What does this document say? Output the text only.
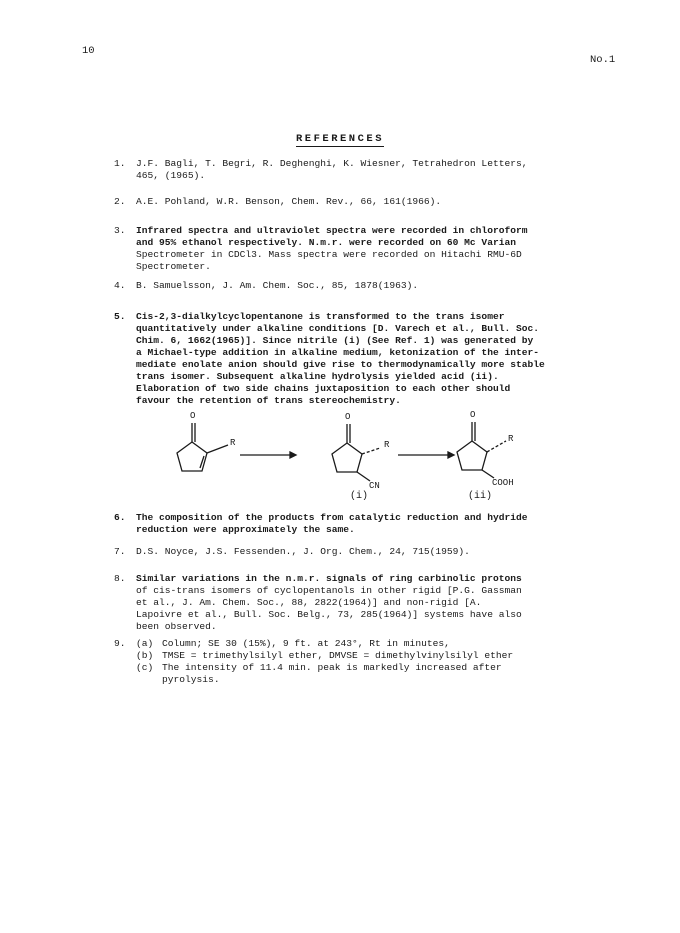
10
No.1
REFERENCES
1. J.F. Bagli, T. Begri, R. Deghenghi, K. Wiesner, Tetrahedron Letters,
465, (1965).
2. A.E. Pohland, W.R. Benson, Chem. Rev., 66, 161(1966).
3. Infrared spectra and ultraviolet spectra were recorded in chloroform
and 95% ethanol respectively. N.m.r. were recorded on 60 Mc Varian
Spectrometer in CDCl3. Mass spectra were recorded on Hitachi RMU-6D
Spectrometer.
4. B. Samuelsson, J. Am. Chem. Soc., 85, 1878(1963).
5. Cis-2,3-dialkylcyclopentanone is transformed to the trans isomer
quantitatively under alkaline conditions [D. Varech et al., Bull. Soc.
Chim. 6, 1662(1965)]. Since nitrile (i) (See Ref. 1) was generated by
a Michael-type addition in alkaline medium, ketonization of the inter-
mediate enolate anion should give rise to thermodynamically more stable
trans isomer. Subsequent alkaline hydrolysis yielded acid (ii).
Elaboration of two side chains juxtaposition to each other should
favour the retention of trans stereochemistry.
O
R
O
R
CN
O
R
COOH
(i)	(ii)
6. The composition of the products from catalytic reduction and hydride
reduction were approximately the same.
7. D.S. Noyce, J.S. Fessenden., J. Org. Chem., 24, 715(1959).
8. Similar variations in the n.m.r. signals of ring carbinolic protons
of cis-trans isomers of cyclopentanols in other rigid [P.G. Gassman
et al., J. Am. Chem. Soc., 88, 2822(1964)] and non-rigid [A.
Lapoivre et al., Bull. Soc. Belg., 73, 285(1964)] systems have also
been observed.
9. (a) Column; SE 30 (15%), 9 ft. at 243°, Rt in minutes,
(b) TMSE = trimethylsilyl ether, DMVSE = dimethylvinylsilyl ether
(c) The intensity of 11.4 min. peak is markedly increased after
pyrolysis.
